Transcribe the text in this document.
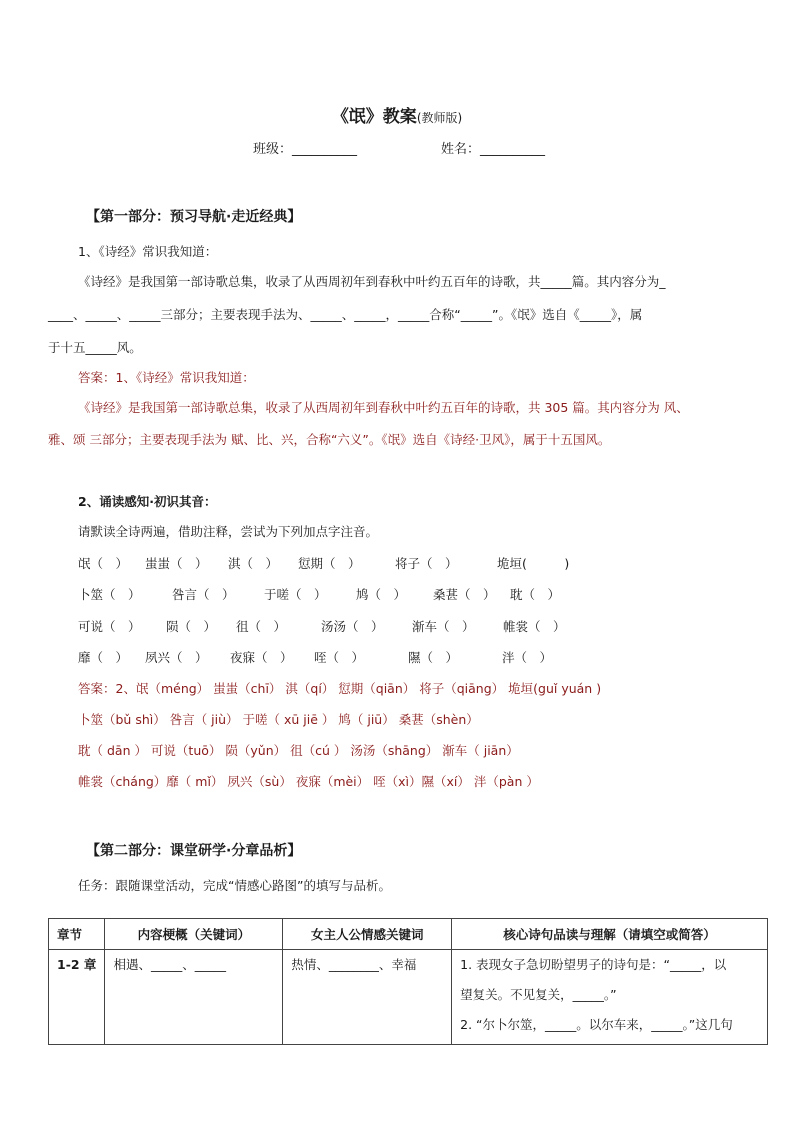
《氓》教案(教师版)
班级：__________	姓名：__________
【第一部分：预习导航·走近经典】
1、《诗经》常识我知道：
《诗经》是我国第一部诗歌总集，收录了从西周初年到春秋中叶约五百年的诗歌，共_____篇。其内容分为_
____、_____、_____三部分；主要表现手法为、_____、_____，_____合称“_____”。《氓》选自《_____》，属
于十五_____风。
答案：1、《诗经》常识我知道：
《诗经》是我国第一部诗歌总集，收录了从西周初年到春秋中叶约五百年的诗歌，共 305 篇。其内容分为 风、
雅、颂 三部分；主要表现手法为 赋、比、兴，合称“六义”。《氓》选自《诗经·卫风》，属于十五国风。
2、诵读感知·初识其音：
请默读全诗两遍，借助注释，尝试为下列加点字注音。
氓（　） 蚩蚩（　） 淇（　） 愆期（　）	将子（　）	垝垣(　　　)
卜筮（　）	咎言（　） 于嗟（　） 鸠（　） 桑葚（　） 耽（　）
可说（　） 陨（　） 徂（　）	汤汤（　） 渐车（　） 帷裳（　）
靡（　） 夙兴（　） 夜寐（　） 咥（　）	隰（　）	泮（　）
答案：2、氓（méng） 蚩蚩（chī） 淇（qí） 愆期（qiān） 将子（qiāng） 垝垣(guǐ yuán )
卜筮（bǔ shì） 咎言（ jiù） 于嗟（ xū jiē ） 鸠（ jiū） 桑葚（shèn）
耽（ dān ） 可说（tuō） 陨（yǔn） 徂（cú ） 汤汤（shāng） 渐车（ jiān）
帷裳（cháng）靡（ mǐ） 夙兴（sù） 夜寐（mèi） 咥（xì）隰（xí） 泮（pàn ）
【第二部分：课堂研学·分章品析】
任务：跟随课堂活动，完成“情感心路图”的填写与品析。
章节	内容梗概（关键词）	女主人公情感关键词	核心诗句品读与理解（请填空或简答）

1-2 章	相遇、_____、_____	热情、________、幸福	1. 表现女子急切盼望男子的诗句是：“_____，以

望复关。不见复关，_____。”

2. “尔卜尔筮，_____。以尔车来，_____。”这几句
